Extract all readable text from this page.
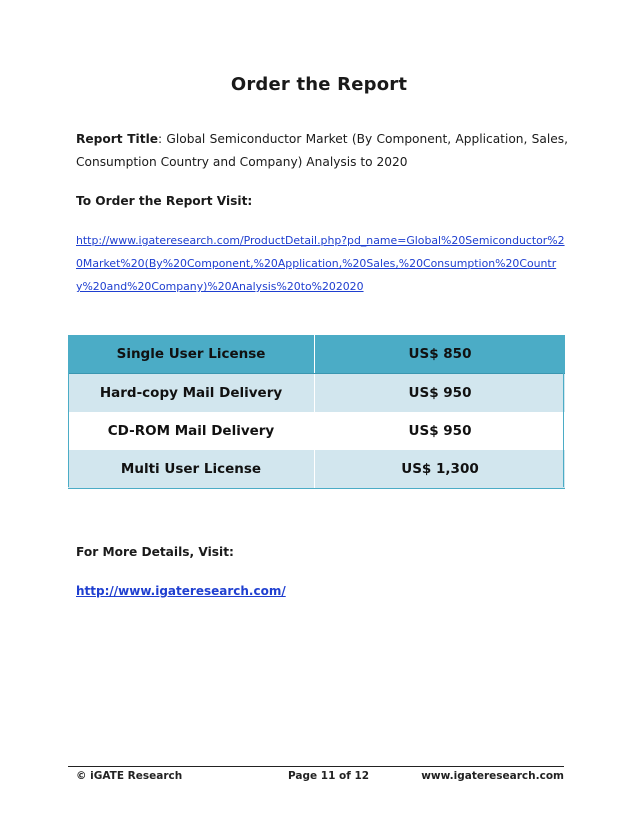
Order the Report
Report Title: Global Semiconductor Market (By Component, Application, Sales, Consumption Country and Company) Analysis to 2020
To Order the Report Visit:
http://www.igateresearch.com/ProductDetail.php?pd_name=Global%20Semiconductor%20Market%20(By%20Component,%20Application,%20Sales,%20Consumption%20Country%20and%20Company)%20Analysis%20to%202020
Single User License	US$ 850
Hard-copy Mail Delivery	US$ 950
CD-ROM Mail Delivery	US$ 950
Multi User License	US$ 1,300
For More Details, Visit:
http://www.igateresearch.com/
© iGATE Research	Page 11 of 12	www.igateresearch.com
